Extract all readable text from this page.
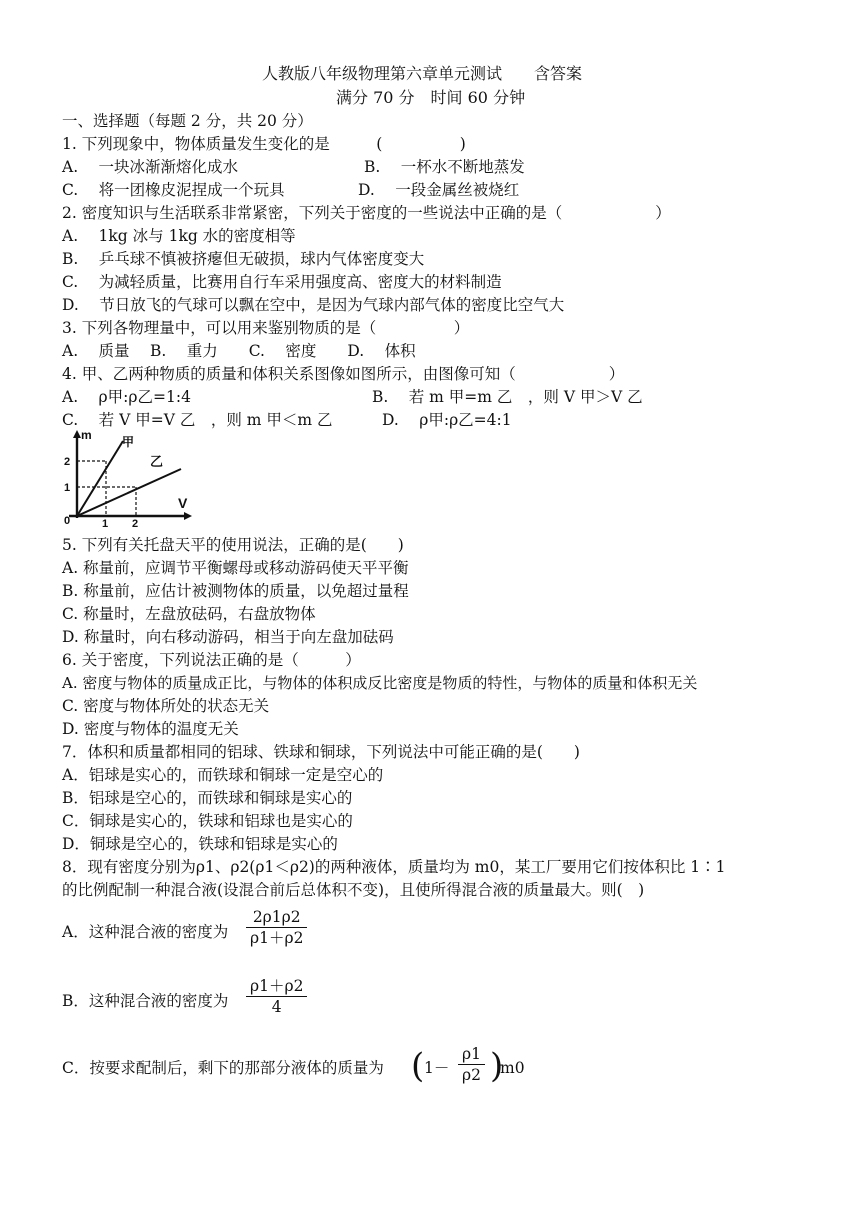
人教版八年级物理第六章单元测试　　含答案
满分 70 分　时间 60 分钟
一、选择题（每题 2 分，共 20 分）
1. 下列现象中，物体质量发生变化的是　　　(　　　　　)
A.　 一块冰渐渐熔化成水	B.　 一杯水不断地蒸发
C.　 将一团橡皮泥捏成一个玩具	D.　 一段金属丝被烧红
2. 密度知识与生活联系非常紧密，下列关于密度的一些说法中正确的是（　　　　　　）
A.　 1kg 冰与 1kg 水的密度相等
B.　 乒乓球不慎被挤瘪但无破损，球内气体密度变大
C.　 为减轻质量，比赛用自行车采用强度高、密度大的材料制造
D.　 节日放飞的气球可以飘在空中，是因为气球内部气体的密度比空气大
3. 下列各物理量中，可以用来鉴别物质的是（　　　　　）
A.　 质量　 B.　 重力　　C.　 密度　　D.　 体积
4. 甲、乙两种物质的质量和体积关系图像如图所示，由图像可知（　　　　　　）
A.　 ρ甲:ρ乙=1:4	B.　 若 m 甲=m 乙　，则 V 甲＞V 乙
C.　 若 V 甲=V 乙　，则 m 甲＜m 乙	D.　 ρ甲:ρ乙=4:1
m
V
0
2
1
1 2
甲
乙
5. 下列有关托盘天平的使用说法，正确的是(　　)
A. 称量前，应调节平衡螺母或移动游码使天平平衡
B. 称量前，应估计被测物体的质量，以免超过量程
C. 称量时，左盘放砝码，右盘放物体
D. 称量时，向右移动游码，相当于向左盘加砝码
6. 关于密度，下列说法正确的是（　　　）
A. 密度与物体的质量成正比，与物体的体积成反比密度是物质的特性，与物体的质量和体积无关
C. 密度与物体所处的状态无关
D. 密度与物体的温度无关
7．体积和质量都相同的铝球、铁球和铜球，下列说法中可能正确的是(　　)
A．铝球是实心的，而铁球和铜球一定是空心的
B．铝球是空心的，而铁球和铜球是实心的
C．铜球是实心的，铁球和铝球也是实心的
D．铜球是空心的，铁球和铝球是实心的
8．现有密度分别为ρ1、ρ2(ρ1＜ρ2)的两种液体，质量均为 m0，某工厂要用它们按体积比 1∶1
的比例配制一种混合液(设混合前后总体积不变)，且使所得混合液的质量最大。则(　)
A．这种混合液的密度为
2ρ1ρ2
ρ1＋ρ2
B．这种混合液的密度为
ρ1＋ρ2
4
C．按要求配制后，剩下的那部分液体的质量为 ( 1－
ρ1
ρ2 )
m0
